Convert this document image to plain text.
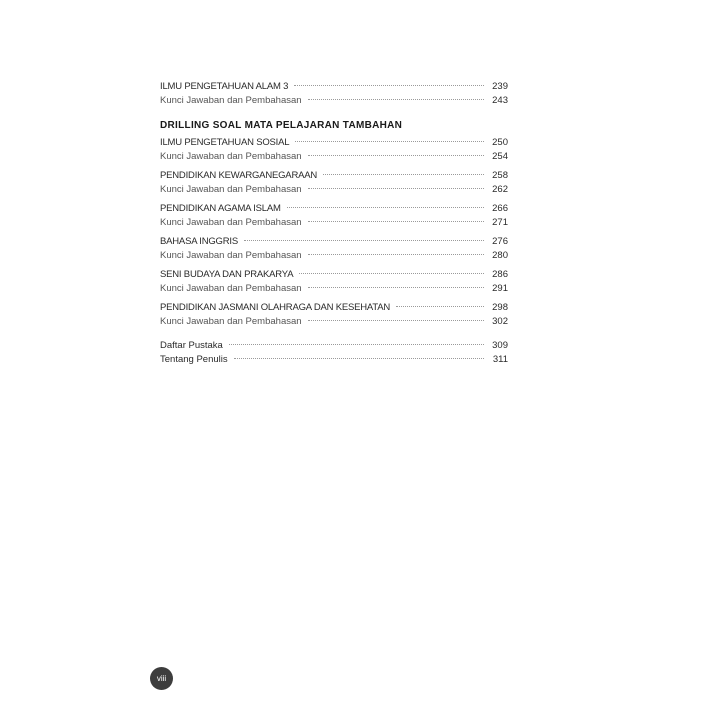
ILMU PENGETAHUAN ALAM 3	239
Kunci Jawaban dan Pembahasan	243
DRILLING SOAL MATA PELAJARAN TAMBAHAN
ILMU PENGETAHUAN SOSIAL	250
Kunci Jawaban dan Pembahasan	254
PENDIDIKAN KEWARGANEGARAAN	258
Kunci Jawaban dan Pembahasan	262
PENDIDIKAN AGAMA ISLAM	266
Kunci Jawaban dan Pembahasan	271
BAHASA INGGRIS	276
Kunci Jawaban dan Pembahasan	280
SENI BUDAYA DAN PRAKARYA	286
Kunci Jawaban dan Pembahasan	291
PENDIDIKAN JASMANI OLAHRAGA DAN KESEHATAN	298
Kunci Jawaban dan Pembahasan	302
Daftar Pustaka	309
Tentang Penulis	311
viii
